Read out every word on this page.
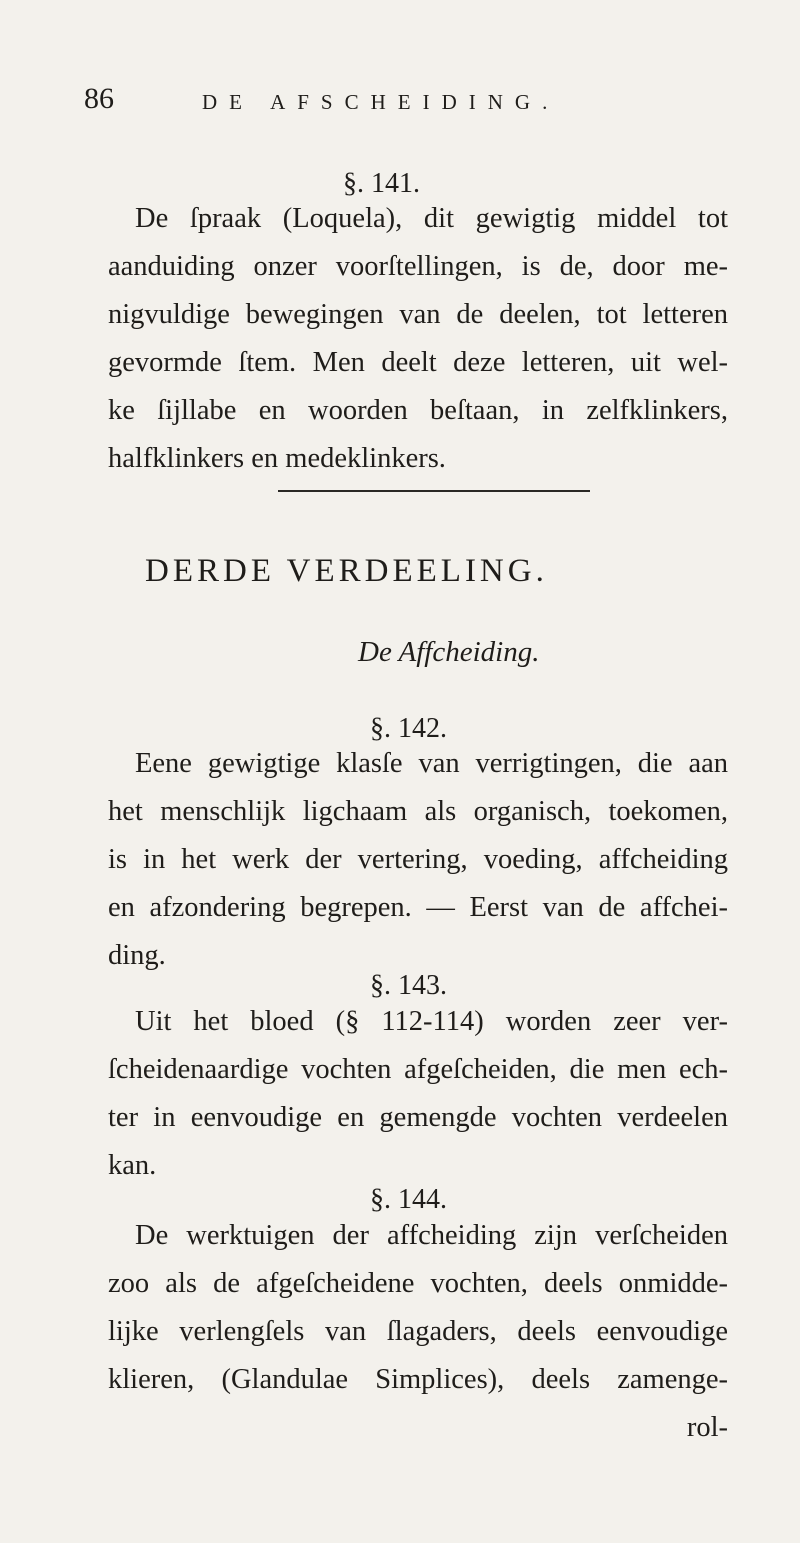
86	DE AFSCHEIDING.
§. 141.
De ſpraak (Loquela), dit gewigtig middel tot
aanduiding onzer voorſtellingen, is de, door me-
nigvuldige bewegingen van de deelen, tot letteren
gevormde ſtem. Men deelt deze letteren, uit wel-
ke ſijllabe en woorden beſtaan, in zelfklinkers,
halfklinkers en medeklinkers.
DERDE VERDEELING.
De Affcheiding.
§. 142.
Eene gewigtige klasſe van verrigtingen, die aan
het menschlijk ligchaam als organisch, toekomen,
is in het werk der vertering, voeding, affcheiding
en afzondering begrepen. — Eerst van de affchei-
ding.
§. 143.
Uit het bloed (§ 112-114) worden zeer ver-
ſcheidenaardige vochten afgeſcheiden, die men ech-
ter in eenvoudige en gemengde vochten verdeelen
kan.
§. 144.
De werktuigen der affcheiding zijn verſcheiden
zoo als de afgeſcheidene vochten, deels onmidde-
lijke verlengſels van ſlagaders, deels eenvoudige
klieren, (Glandulae Simplices), deels zamenge-
rol-
